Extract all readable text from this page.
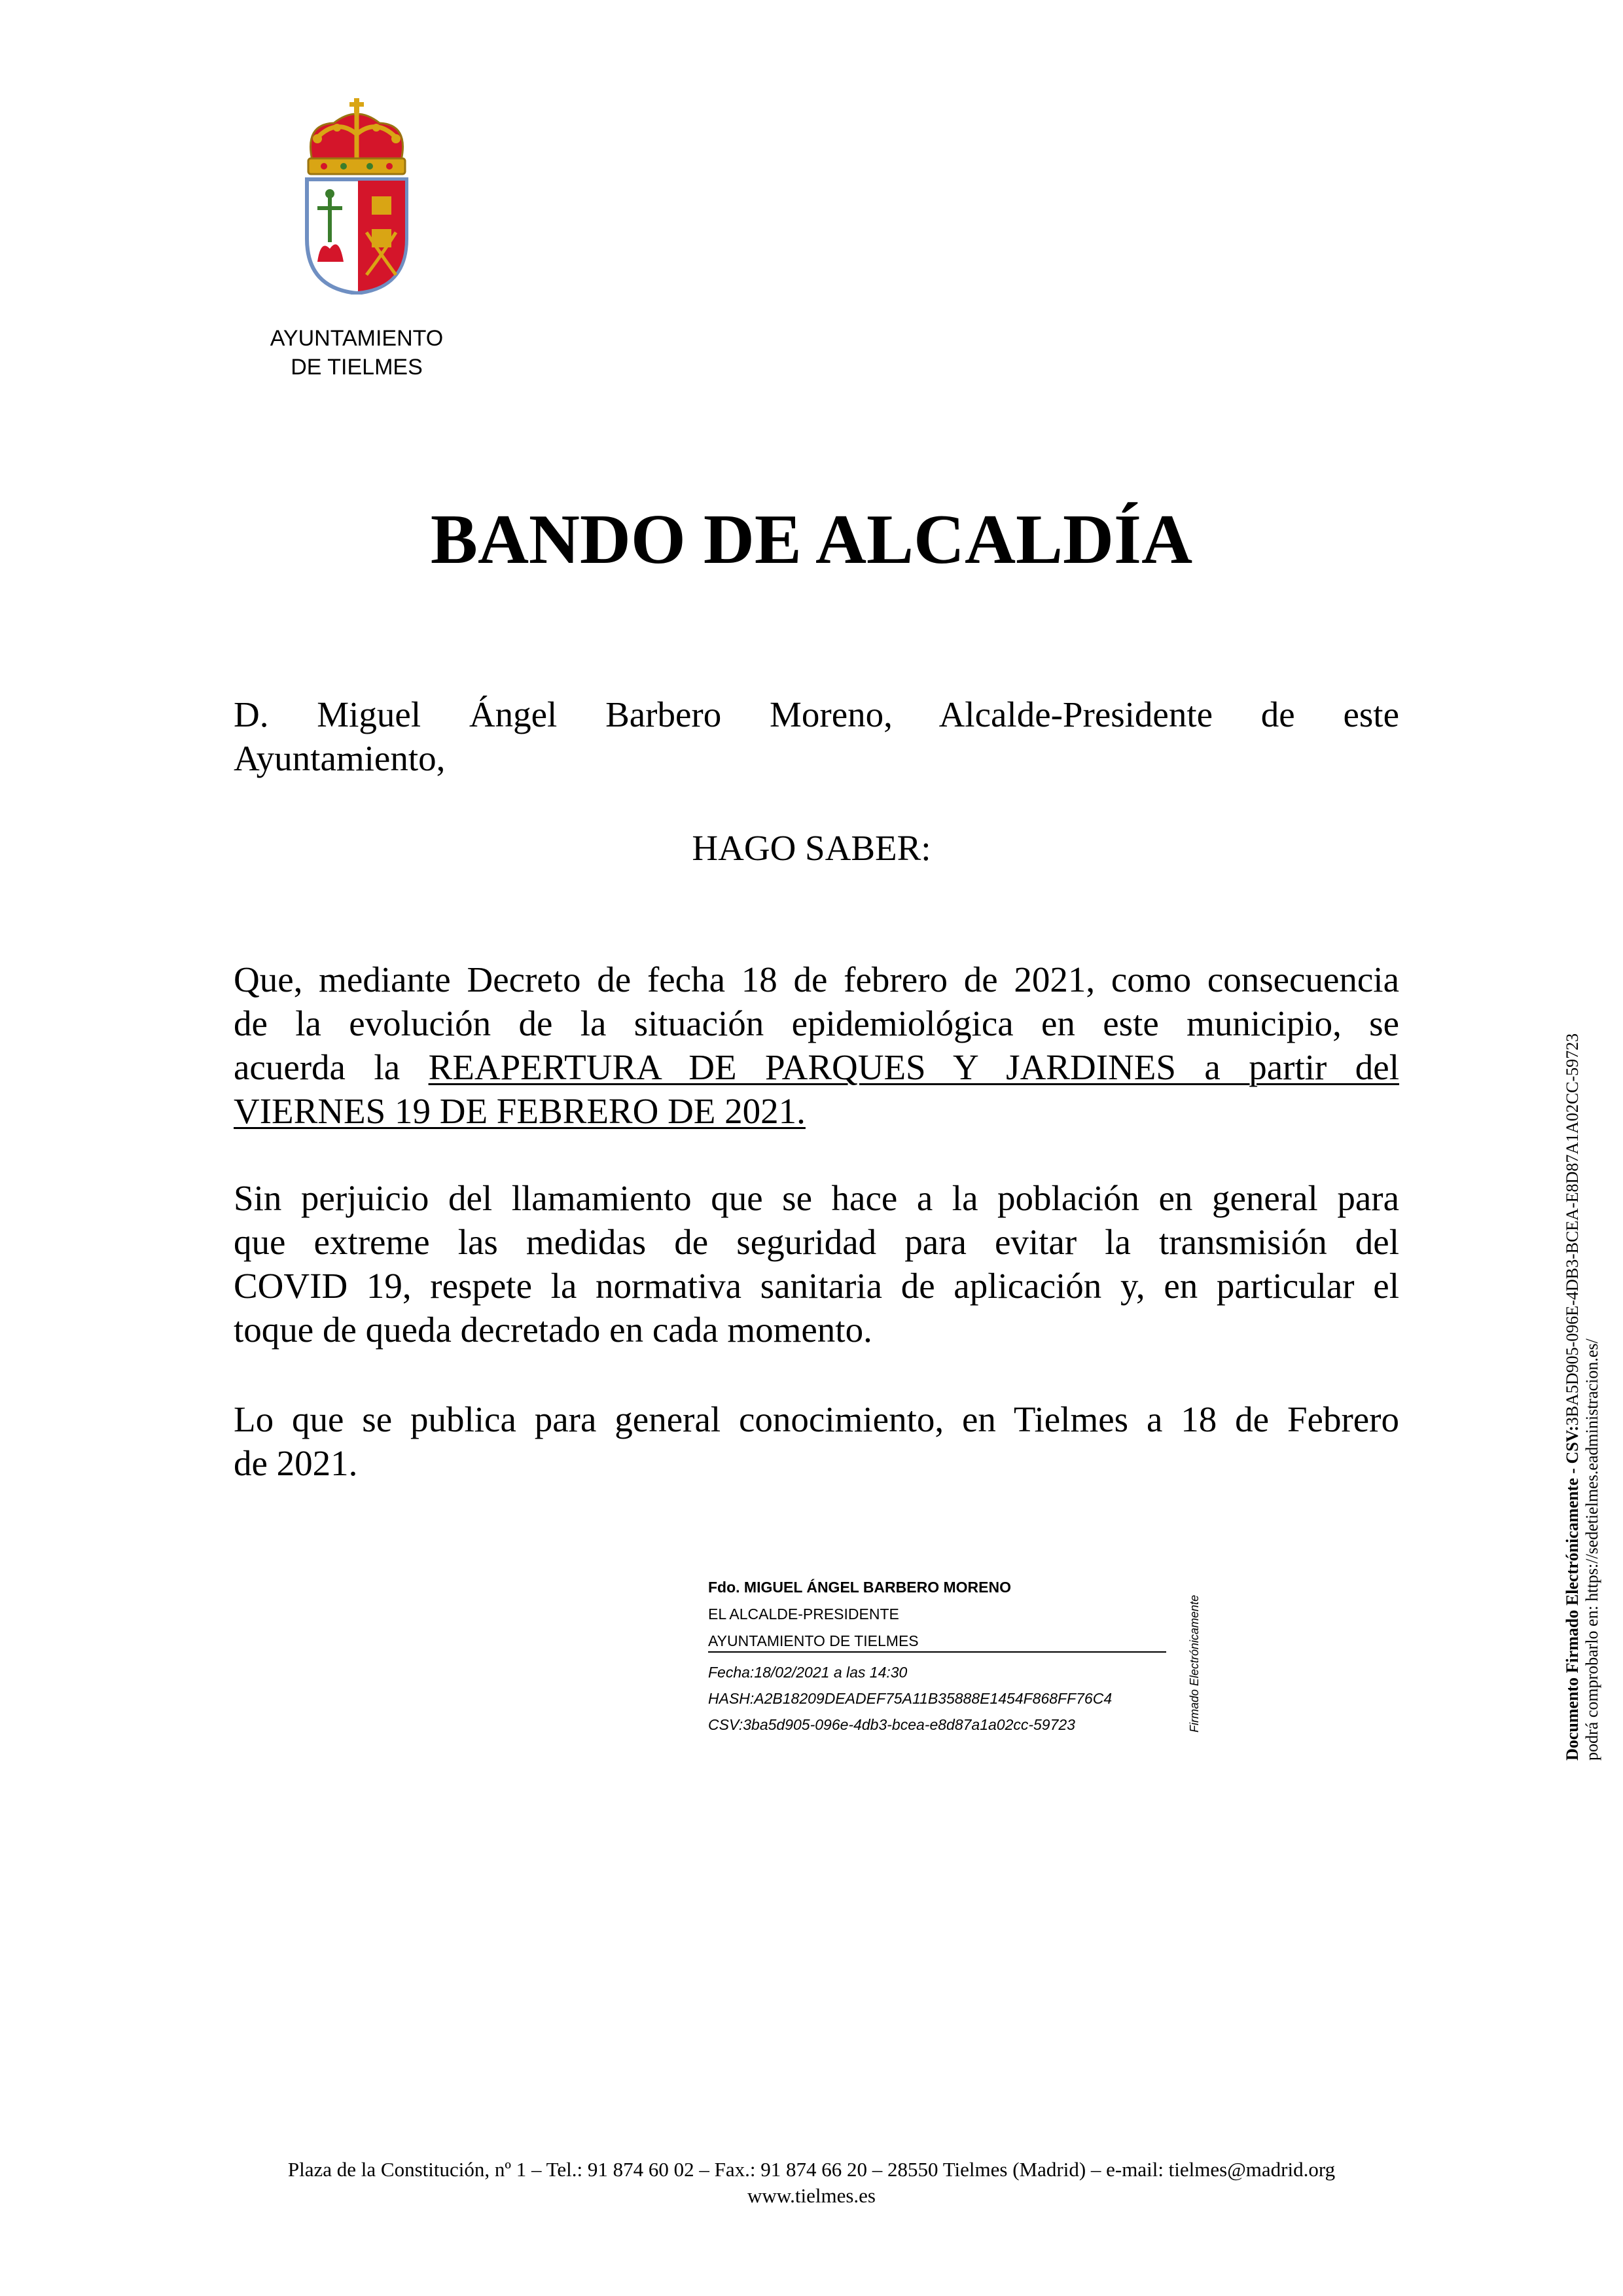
AYUNTAMIENTO
DE TIELMES
BANDO DE ALCALDÍA
D. Miguel Ángel Barbero Moreno, Alcalde-Presidente de este
Ayuntamiento,
HAGO SABER:
Que, mediante Decreto de fecha 18 de febrero de 2021, como consecuencia
de la evolución de la situación epidemiológica en este municipio, se
acuerda la REAPERTURA DE PARQUES Y JARDINES a partir del
VIERNES 19 DE FEBRERO DE 2021.
Sin perjuicio del llamamiento que se hace a la población en general para
que extreme las medidas de seguridad para evitar la transmisión del
COVID 19, respete la normativa sanitaria de aplicación y, en particular el
toque de queda decretado en cada momento.
Lo que se publica para general conocimiento, en Tielmes a 18 de Febrero
de 2021.
Fdo. MIGUEL ÁNGEL BARBERO MORENO
EL ALCALDE-PRESIDENTE
AYUNTAMIENTO DE TIELMES
Fecha:18/02/2021 a las 14:30
HASH:A2B18209DEADEF75A11B35888E1454F868FF76C4
CSV:3ba5d905-096e-4db3-bcea-e8d87a1a02cc-59723	Firmado Electrónicamente	Documento Firmado Electrónicamente - CSV:3BA5D905-096E-4DB3-BCEA-E8D87A1A02CC-59723
podrá comprobarlo en: https://sedetielmes.eadministracion.es/
Plaza de la Constitución, nº 1 – Tel.: 91 874 60 02 – Fax.: 91 874 66 20 – 28550 Tielmes (Madrid) – e-mail: tielmes@madrid.org
www.tielmes.es
